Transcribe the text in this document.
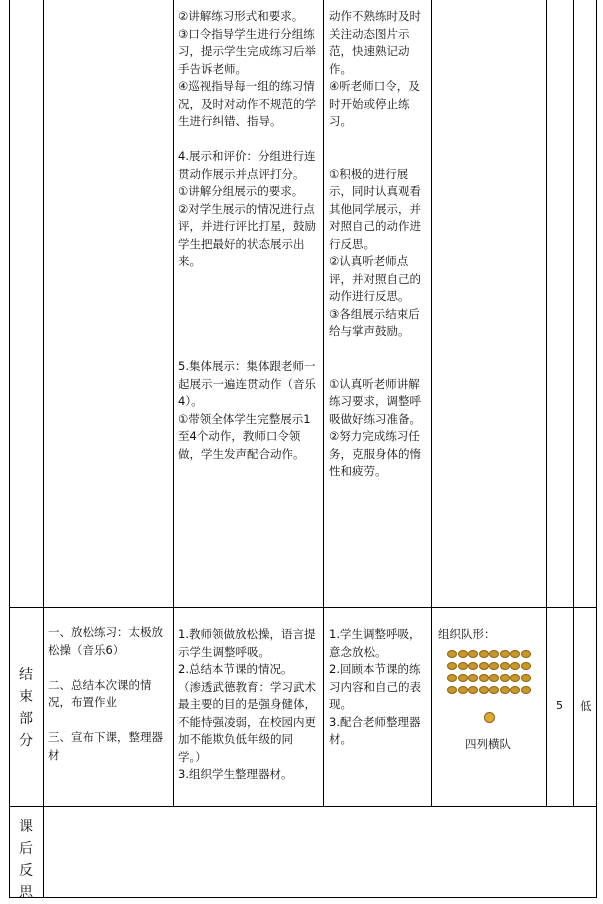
②讲解练习形式和要求。
③口令指导学生进行分组练习，提示学生完成练习后举手告诉老师。
④巡视指导每一组的练习情况，及时对动作不规范的学生进行纠错、指导。

4.展示和评价：分组进行连贯动作展示并点评打分。
①讲解分组展示的要求。
②对学生展示的情况进行点评，并进行评比打星，鼓励学生把最好的状态展示出来。

5.集体展示：集体跟老师一起展示一遍连贯动作（音乐4）。
①带领全体学生完整展示1至4个动作，教师口令领做，学生发声配合动作。
动作不熟练时及时关注动态图片示范，快速熟记动作。
④听老师口令，及时开始或停止练习。

①积极的进行展示，同时认真观看其他同学展示，并对照自己的动作进行反思。
②认真听老师点评，并对照自己的动作进行反思。
③各组展示结束后给与掌声鼓励。

①认真听老师讲解练习要求，调整呼吸做好练习准备。
②努力完成练习任务，克服身体的惰性和疲劳。
结束部分
一、放松练习：太极放松操（音乐6）

二、总结本次课的情况，布置作业

三、宣布下课，整理器材
1.教师领做放松操，语言提示学生调整呼吸。
2.总结本节课的情况。
（渗透武德教育：学习武术最主要的目的是强身健体，不能恃强凌弱，在校园内更加不能欺负低年级的同学。）
3.组织学生整理器材。
1.学生调整呼吸，意念放松。
2.回顾本节课的练习内容和自己的表现。
3.配合老师整理器材。
组织队形：
四列横队
5 低
课后反思
